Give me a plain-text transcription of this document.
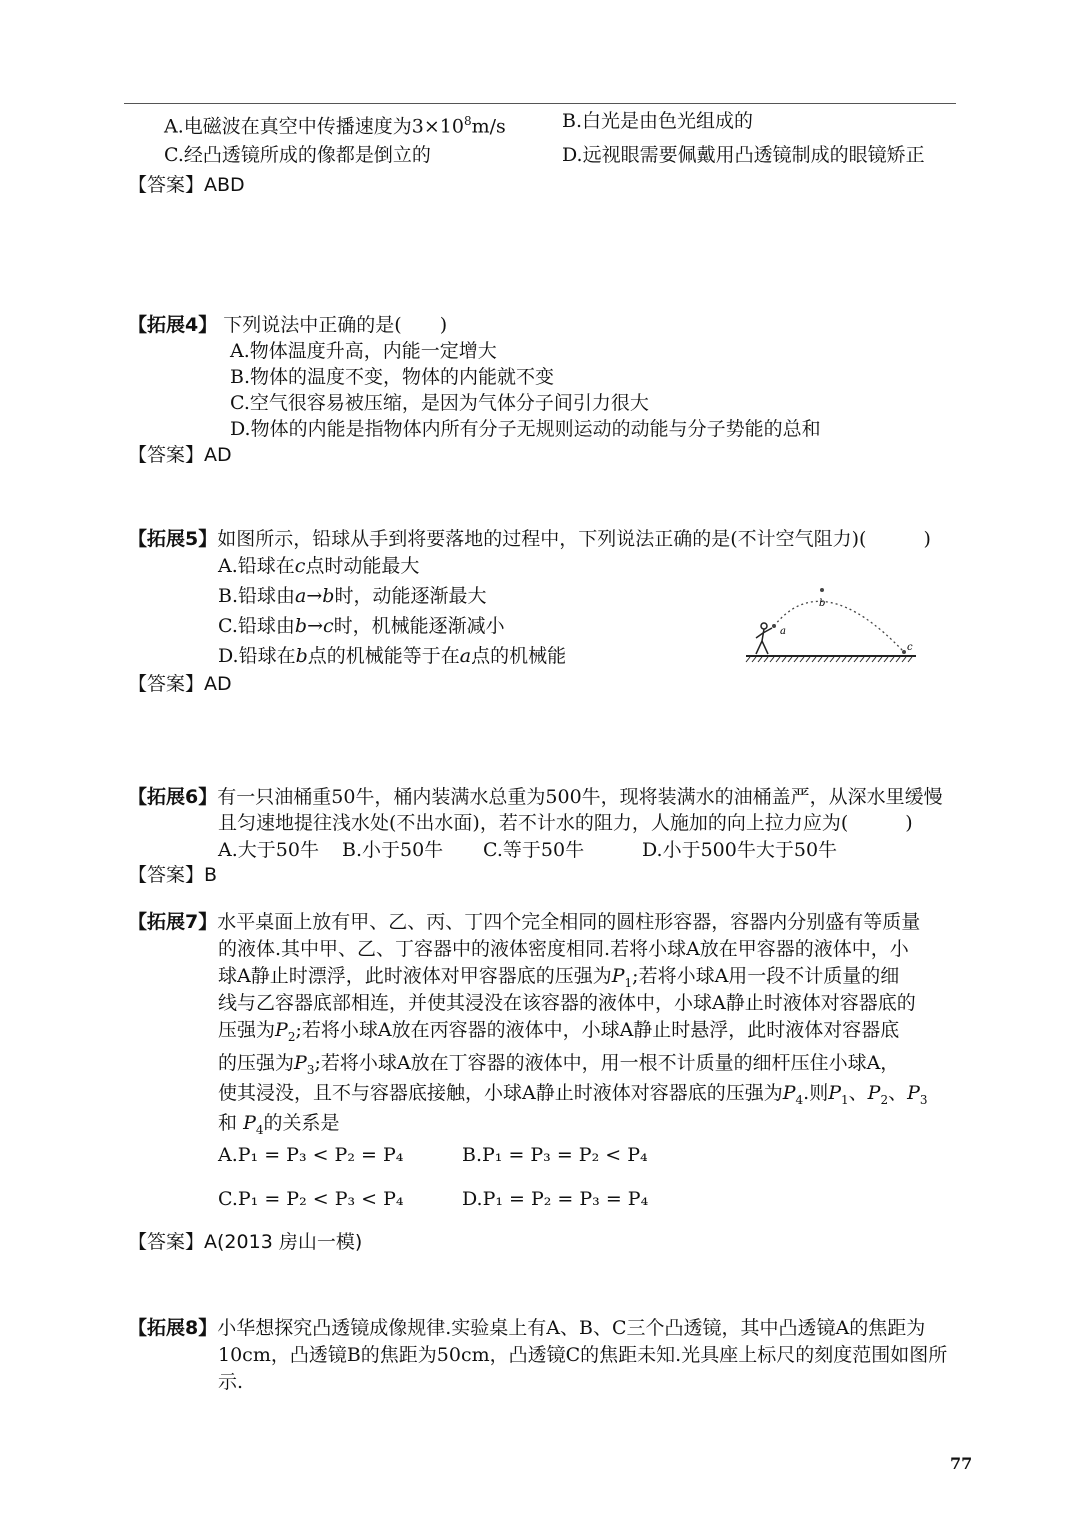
A.电磁波在真空中传播速度为$3\times 10^8m/s$	B.白光是由色光组成的
C.经凸透镜所成的像都是倒立的	D.远视眼需要佩戴用凸透镜制成的眼镜矫正
【答案】ABD
【拓展4】 下列说法中正确的是(　　)
A.物体温度升高，内能一定增大
B.物体的温度不变，物体的内能就不变
C.空气很容易被压缩，是因为气体分子间引力很大
D.物体的内能是指物体内所有分子无规则运动的动能与分子势能的总和
【答案】AD
【拓展5】如图所示，铅球从手到将要落地的过程中，下列说法正确的是(不计空气阻力)(　　　)
A.铅球在c点时动能最大
B.铅球由a→b时，动能逐渐最大
C.铅球由b→c时，机械能逐渐减小
D.铅球在b点的机械能等于在a点的机械能
a
b
c
【答案】AD
【拓展6】有一只油桶重50牛，桶内装满水总重为500牛，现将装满水的油桶盖严，从深水里缓慢
且匀速地提往浅水处(不出水面)，若不计水的阻力，人施加的向上拉力应为(　　　)
A.大于50牛 B.小于50牛 C.等于50牛	D.小于500牛大于50牛
【答案】B
【拓展7】水平桌面上放有甲、乙、丙、丁四个完全相同的圆柱形容器，容器内分别盛有等质量
的液体.其中甲、乙、丁容器中的液体密度相同.若将小球A放在甲容器的液体中，小
球A静止时漂浮，此时液体对甲容器底的压强为$P_1$;若将小球A用一段不计质量的细
线与乙容器底部相连，并使其浸没在该容器的液体中，小球A静止时液体对容器底的
压强为$P_2$;若将小球A放在丙容器的液体中，小球A静止时悬浮，此时液体对容器底
的压强为$P_3$;若将小球A放在丁容器的液体中，用一根不计质量的细杆压住小球A，
使其浸没，且不与容器底接触，小球A静止时液体对容器底的压强为$P_4$.则$P_1$、$P_2$、$P_3$
和 $P_4$的关系是
A.P₁ = P₃ < P₂ = P₄	B.P₁ = P₃ = P₂ < P₄
C.P₁ = P₂ < P₃ < P₄	D.P₁ = P₂ = P₃ = P₄
【答案】A(2013 房山一模)
【拓展8】小华想探究凸透镜成像规律.实验桌上有A、B、C三个凸透镜，其中凸透镜A的焦距为
10cm，凸透镜B的焦距为50cm，凸透镜C的焦距未知.光具座上标尺的刻度范围如图所
示.
77
